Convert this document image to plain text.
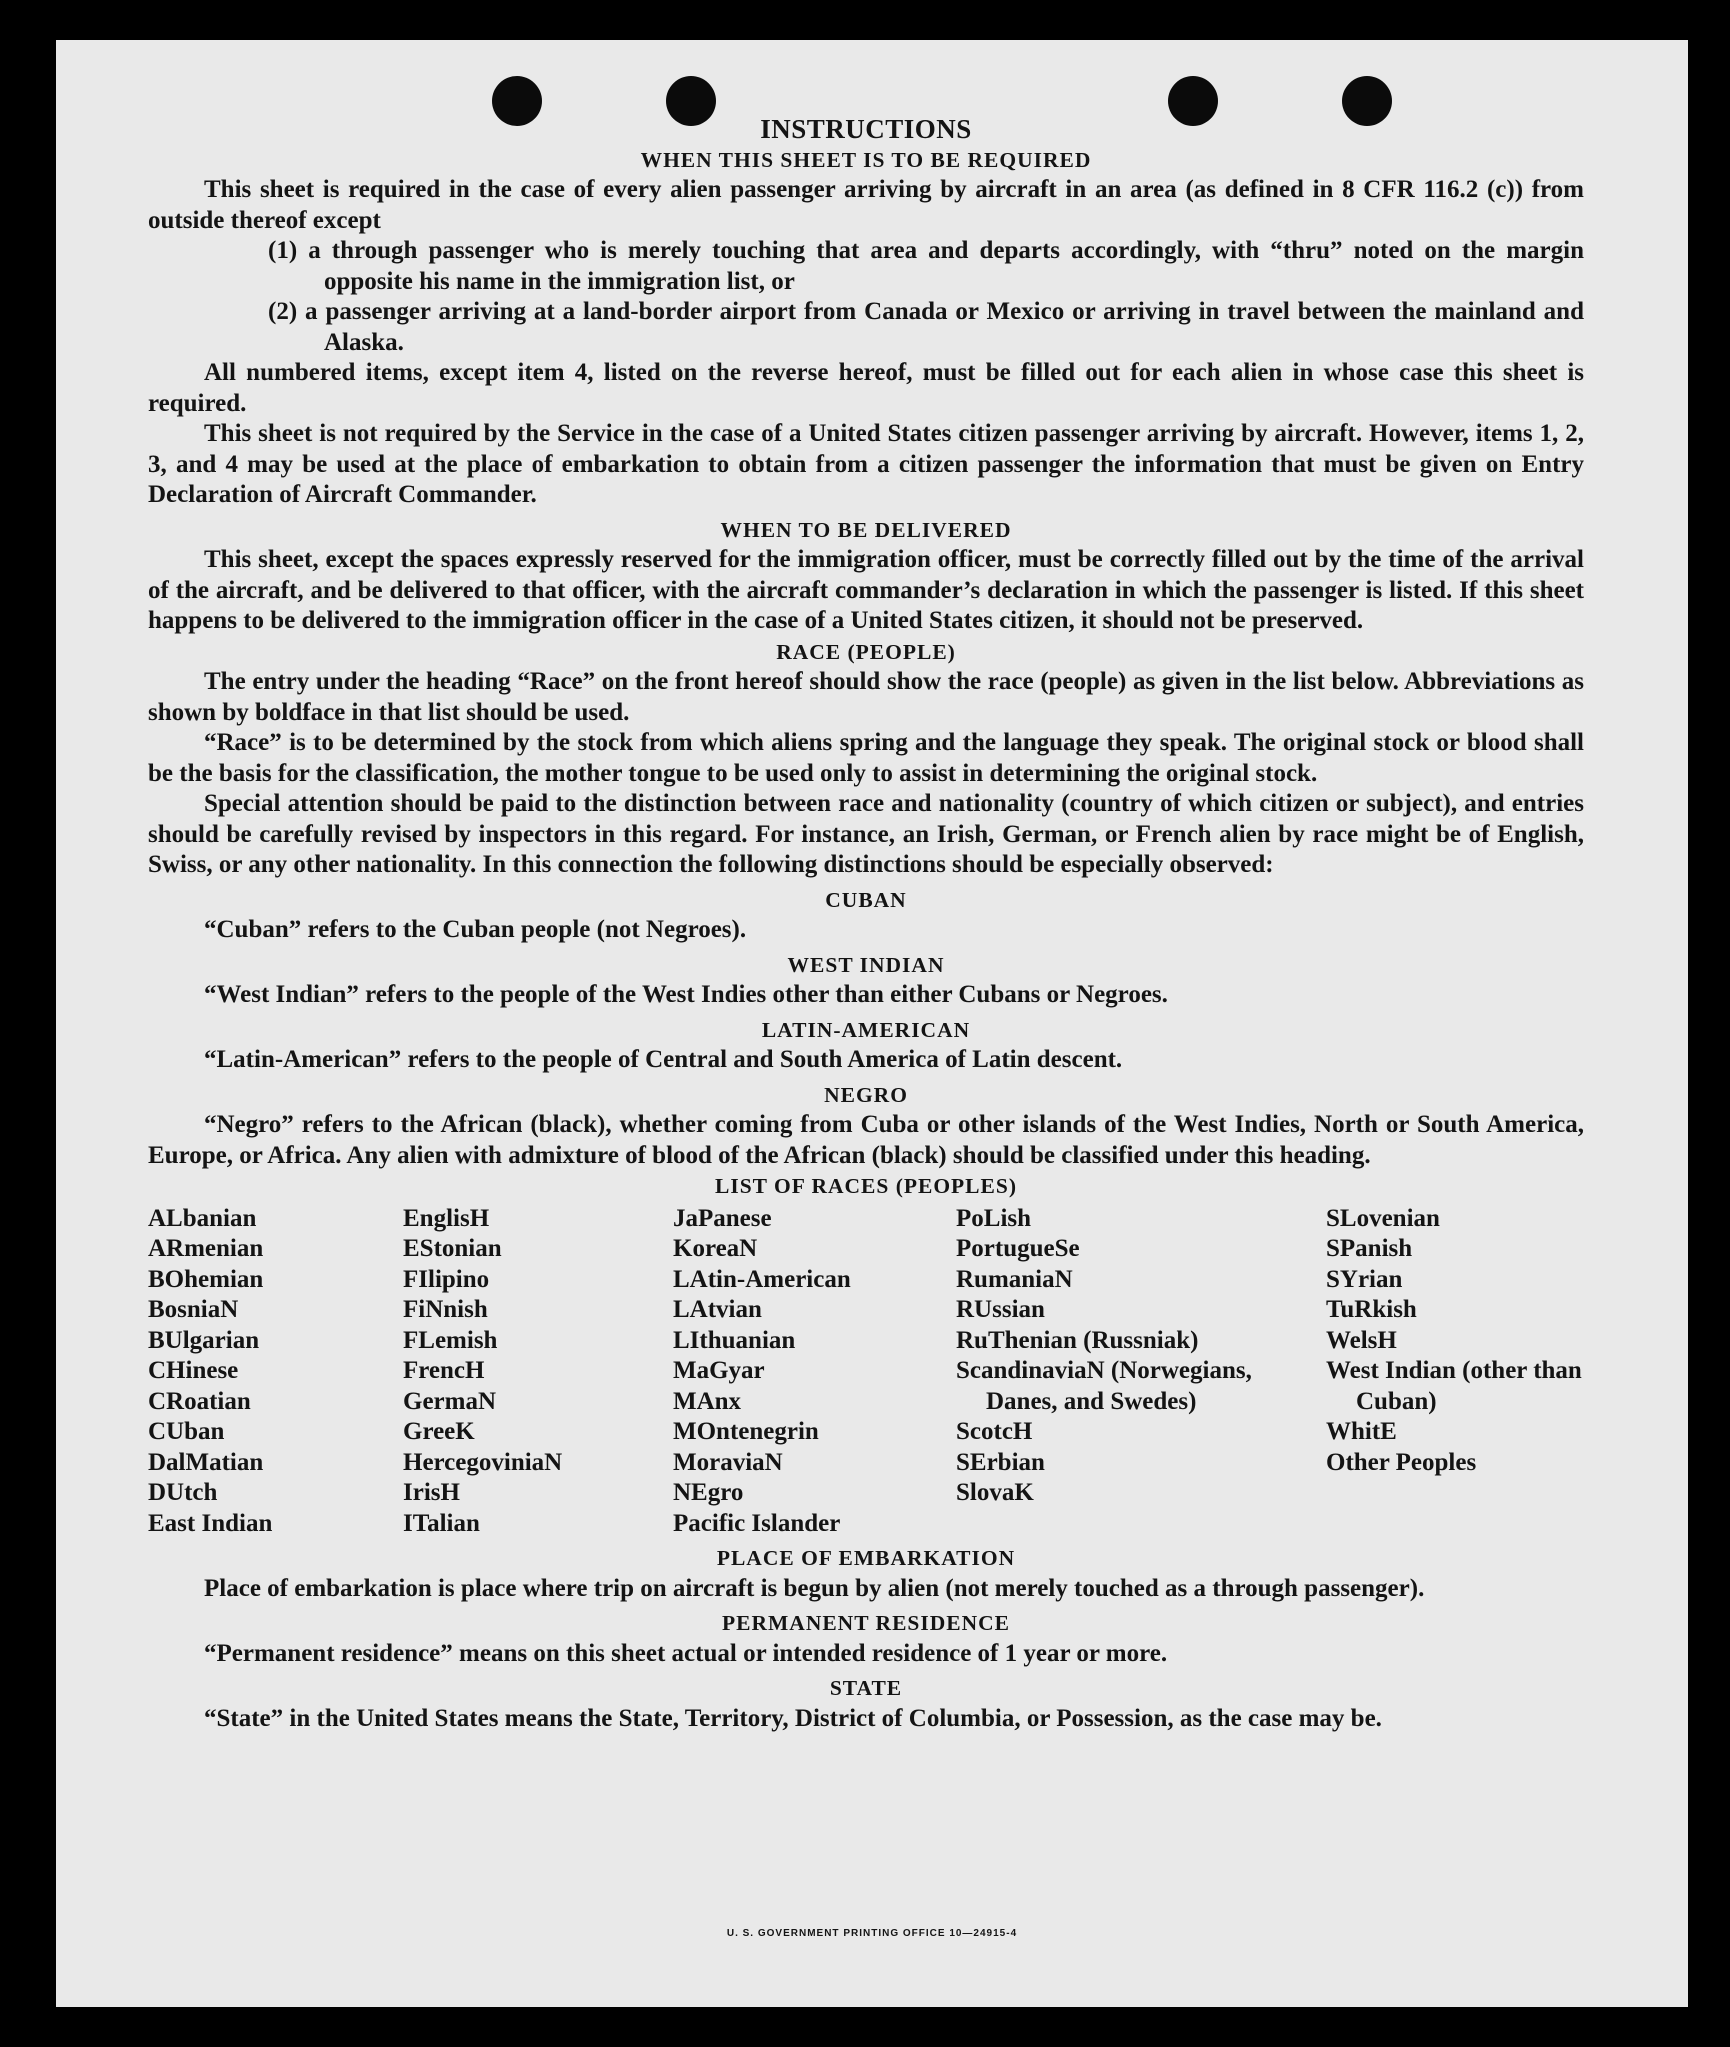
INSTRUCTIONS
WHEN THIS SHEET IS TO BE REQUIRED

This sheet is required in the case of every alien passenger arriving by aircraft in an area (as defined in 8 CFR 116.2 (c)) from outside thereof except

(1) a through passenger who is merely touching that area and departs accordingly, with “thru” noted on the margin opposite his name in the immigration list, or

(2) a passenger arriving at a land-border airport from Canada or Mexico or arriving in travel between the mainland and Alaska.

All numbered items, except item 4, listed on the reverse hereof, must be filled out for each alien in whose case this sheet is required.

This sheet is not required by the Service in the case of a United States citizen passenger arriving by aircraft. However, items 1, 2, 3, and 4 may be used at the place of embarkation to obtain from a citizen passenger the information that must be given on Entry Declaration of Aircraft Commander.

WHEN TO BE DELIVERED

This sheet, except the spaces expressly reserved for the immigration officer, must be correctly filled out by the time of the arrival of the aircraft, and be delivered to that officer, with the aircraft commander’s declaration in which the passenger is listed. If this sheet happens to be delivered to the immigration officer in the case of a United States citizen, it should not be preserved.

RACE (PEOPLE)

The entry under the heading “Race” on the front hereof should show the race (people) as given in the list below. Abbreviations as shown by boldface in that list should be used.

“Race” is to be determined by the stock from which aliens spring and the language they speak. The original stock or blood shall be the basis for the classification, the mother tongue to be used only to assist in determining the original stock.

Special attention should be paid to the distinction between race and nationality (country of which citizen or subject), and entries should be carefully revised by inspectors in this regard. For instance, an Irish, German, or French alien by race might be of English, Swiss, or any other nationality. In this connection the following distinctions should be especially observed:

CUBAN

“Cuban” refers to the Cuban people (not Negroes).

WEST INDIAN

“West Indian” refers to the people of the West Indies other than either Cubans or Negroes.

LATIN-AMERICAN

“Latin-American” refers to the people of Central and South America of Latin descent.

NEGRO

“Negro” refers to the African (black), whether coming from Cuba or other islands of the West Indies, North or South America, Europe, or Africa. Any alien with admixture of blood of the African (black) should be classified under this heading.

LIST OF RACES (PEOPLES)
ALbanian
ARmenian
BOhemian
BosniaN
BUlgarian
CHinese
CRoatian
CUban
DalMatian
DUtch
East Indian
EnglisH
EStonian
FIlipino
FiNnish
FLemish
FrencH
GermaN
GreeK
HercegoviniaN
IrisH
ITalian
JaPanese
KoreaN
LAtin-American
LAtvian
LIthuanian
MaGyar
MAnx
MOntenegrin
MoraviaN
NEgro
Pacific Islander
PoLish
PortugueSe
RumaniaN
RUssian
RuThenian (Russniak)
ScandinaviaN (Norwegians, Danes, and Swedes)
ScotcH
SErbian
SlovaK
SLovenian
SPanish
SYrian
TuRkish
WelsH
West Indian (other than Cuban)
WhitE
Other Peoples
PLACE OF EMBARKATION

Place of embarkation is place where trip on aircraft is begun by alien (not merely touched as a through passenger).

PERMANENT RESIDENCE

“Permanent residence” means on this sheet actual or intended residence of 1 year or more.

STATE

“State” in the United States means the State, Territory, District of Columbia, or Possession, as the case may be.

U. S. GOVERNMENT PRINTING OFFICE 10—24915-4
